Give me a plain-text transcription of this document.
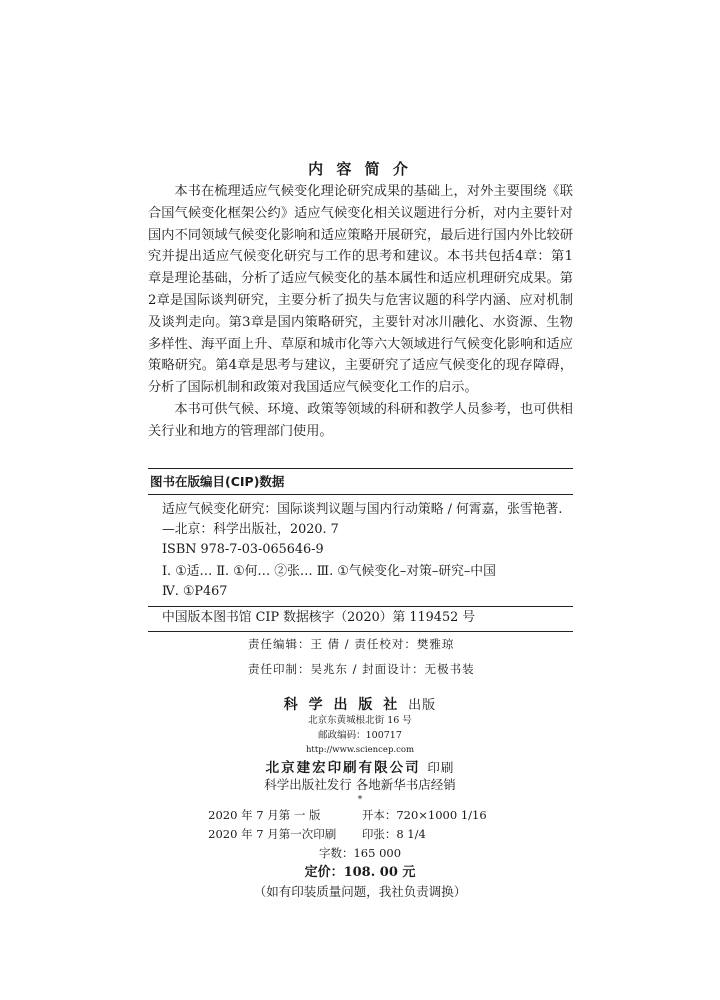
内 容 简 介

本书在梳理适应气候变化理论研究成果的基础上，对外主要围绕《联合国气候变化框架公约》适应气候变化相关议题进行分析，对内主要针对国内不同领域气候变化影响和适应策略开展研究，最后进行国内外比较研究并提出适应气候变化研究与工作的思考和建议。本书共包括4章：第1章是理论基础，分析了适应气候变化的基本属性和适应机理研究成果。第2章是国际谈判研究，主要分析了损失与危害议题的科学内涵、应对机制及谈判走向。第3章是国内策略研究，主要针对冰川融化、水资源、生物多样性、海平面上升、草原和城市化等六大领域进行气候变化影响和适应策略研究。第4章是思考与建议，主要研究了适应气候变化的现存障碍，分析了国际机制和政策对我国适应气候变化工作的启示。

本书可供气候、环境、政策等领域的科研和教学人员参考，也可供相关行业和地方的管理部门使用。

图书在版编目(CIP)数据
适应气候变化研究：国际谈判议题与国内行动策略 / 何霄嘉，张雪艳著. —北京：科学出版社，2020. 7
ISBN 978-7-03-065646-9
Ⅰ. ①适… Ⅱ. ①何… ②张… Ⅲ. ①气候变化–对策–研究–中国
Ⅳ. ①P467
中国版本图书馆 CIP 数据核字（2020）第 119452 号
责任编辑：王 倩 / 责任校对：樊雅琼
责任印制：吴兆东 / 封面设计：无极书装
科 学 出 版 社 出版
北京东黄城根北街 16 号
邮政编码：100717
http://www.sciencep.com
北京建宏印刷有限公司 印刷
科学出版社发行 各地新华书店经销
*
2020 年 7 月第 一 版	开本：720×1000 1/16
2020 年 7 月第一次印刷 印张：8 1/4
字数：165 000
定价：108. 00 元
（如有印装质量问题，我社负责调换）
